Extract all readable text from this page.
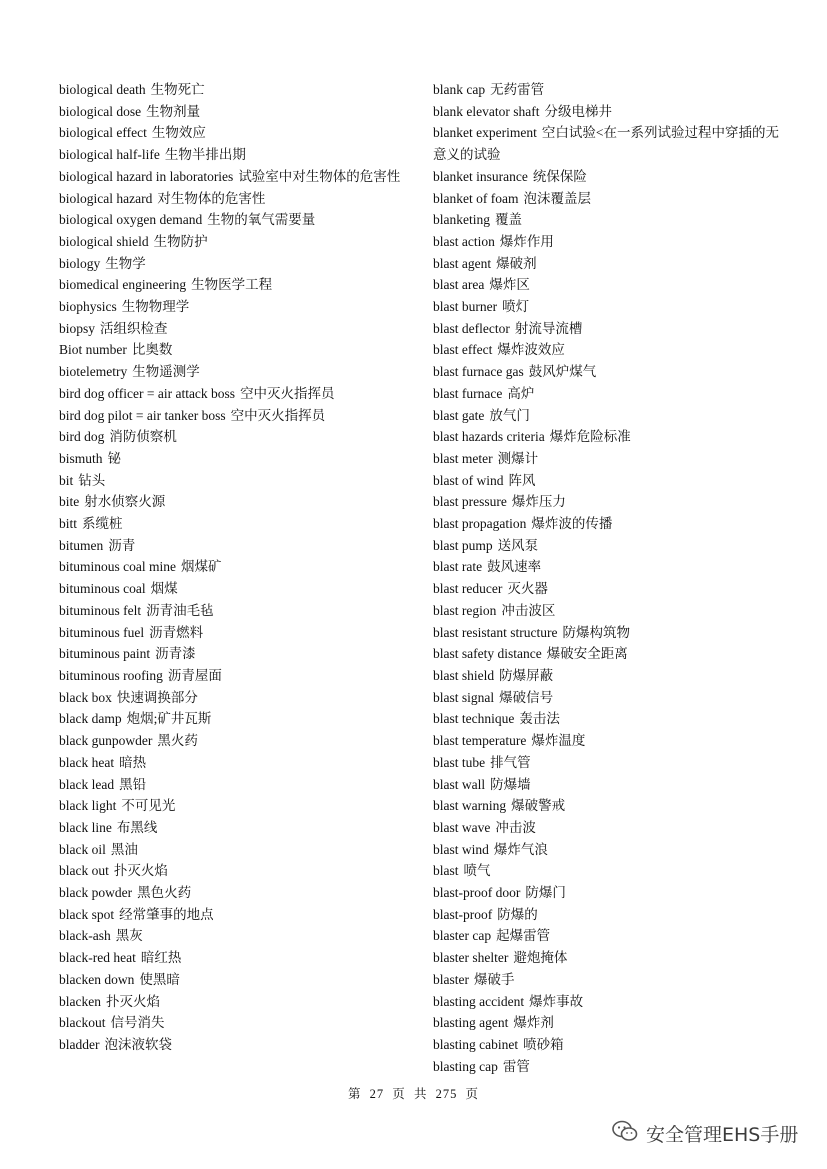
biological death 生物死亡
biological dose 生物剂量
biological effect 生物效应
biological half-life 生物半排出期
biological hazard in laboratories 试验室中对生物体的危害性
biological hazard 对生物体的危害性
biological oxygen demand 生物的氧气需要量
biological shield 生物防护
biology 生物学
biomedical engineering 生物医学工程
biophysics 生物物理学
biopsy 活组织检查
Biot number 比奥数
biotelemetry 生物遥测学
bird dog officer = air attack boss 空中灭火指挥员
bird dog pilot = air tanker boss 空中灭火指挥员
bird dog 消防侦察机
bismuth 铋
bit 钻头
bite 射水侦察火源
bitt 系缆桩
bitumen 沥青
bituminous coal mine 烟煤矿
bituminous coal 烟煤
bituminous felt 沥青油毛毡
bituminous fuel 沥青燃料
bituminous paint 沥青漆
bituminous roofing 沥青屋面
black box 快速调换部分
black damp 炮烟;矿井瓦斯
black gunpowder 黑火药
black heat 暗热
black lead 黑铅
black light 不可见光
black line 布黑线
black oil 黑油
black out 扑灭火焰
black powder 黑色火药
black spot 经常肇事的地点
black-ash 黑灰
black-red heat 暗红热
blacken down 使黑暗
blacken 扑灭火焰
blackout 信号消失
bladder 泡沫液软袋
blank cap 无药雷管
blank elevator shaft 分级电梯井
blanket experiment 空白试验<在一系列试验过程中穿插的无意义的试验
blanket insurance 统保保险
blanket of foam 泡沫覆盖层
blanketing 覆盖
blast action 爆炸作用
blast agent 爆破剂
blast area 爆炸区
blast burner 喷灯
blast deflector 射流导流槽
blast effect 爆炸波效应
blast furnace gas 鼓风炉煤气
blast furnace 高炉
blast gate 放气门
blast hazards criteria 爆炸危险标准
blast meter 测爆计
blast of wind 阵风
blast pressure 爆炸压力
blast propagation 爆炸波的传播
blast pump 送风泵
blast rate 鼓风速率
blast reducer 灭火器
blast region 冲击波区
blast resistant structure 防爆构筑物
blast safety distance 爆破安全距离
blast shield 防爆屏蔽
blast signal 爆破信号
blast technique 轰击法
blast temperature 爆炸温度
blast tube 排气管
blast wall 防爆墙
blast warning 爆破警戒
blast wave 冲击波
blast wind 爆炸气浪
blast 喷气
blast-proof door 防爆门
blast-proof 防爆的
blaster cap 起爆雷管
blaster shelter 避炮掩体
blaster 爆破手
blasting accident 爆炸事故
blasting agent 爆炸剂
blasting cabinet 喷砂箱
blasting cap 雷管
第 27 页 共 275 页
安全管理EHS手册
